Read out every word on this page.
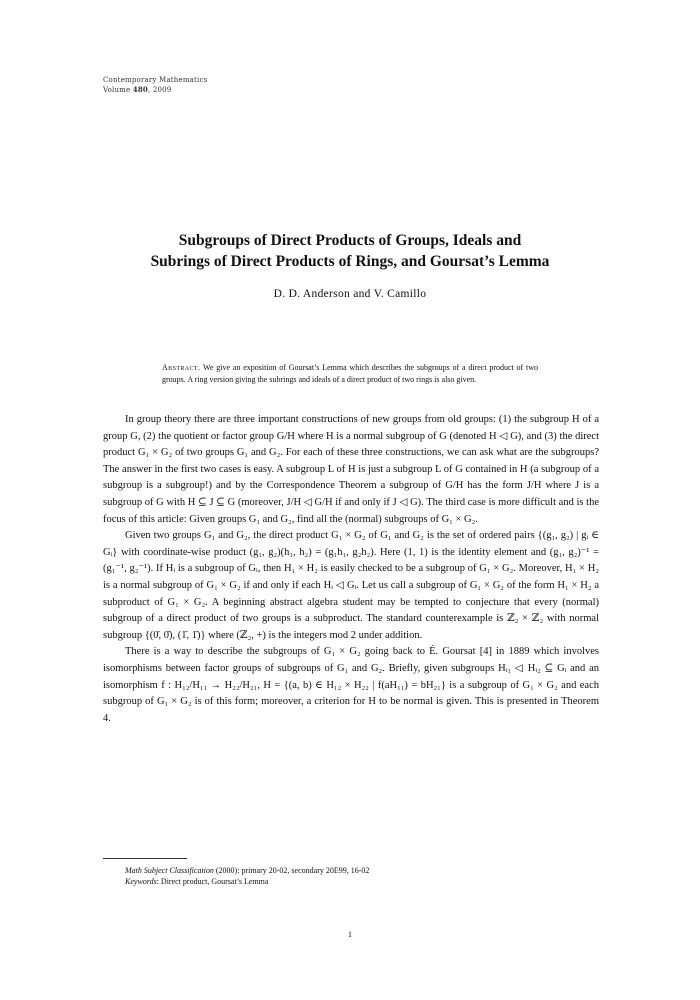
Contemporary Mathematics
Volume 480, 2009
Subgroups of Direct Products of Groups, Ideals and
Subrings of Direct Products of Rings, and Goursat’s Lemma
D. D. Anderson and V. Camillo
Abstract. We give an exposition of Goursat’s Lemma which describes the subgroups of a direct product of two groups. A ring version giving the subrings and ideals of a direct product of two rings is also given.

In group theory there are three important constructions of new groups from old groups: (1) the subgroup H of a group G, (2) the quotient or factor group G/H where H is a normal subgroup of G (denoted H ◁ G), and (3) the direct product G₁ × G₂ of two groups G₁ and G₂. For each of these three constructions, we can ask what are the subgroups? The answer in the first two cases is easy. A subgroup L of H is just a subgroup L of G contained in H (a subgroup of a subgroup is a subgroup!) and by the Correspondence Theorem a subgroup of G/H has the form J/H where J is a subgroup of G with H ⊆ J ⊆ G (moreover, J/H ◁ G/H if and only if J ◁ G). The third case is more difficult and is the focus of this article: Given groups G₁ and G₂, find all the (normal) subgroups of G₁ × G₂.

Given two groups G₁ and G₂, the direct product G₁ × G₂ of G₁ and G₂ is the set of ordered pairs {(g₁, g₂) | gᵢ ∈ Gᵢ} with coordinate-wise product (g₁, g₂)(h₁, h₂) = (g₁h₁, g₂h₂). Here (1, 1) is the identity element and (g₁, g₂)⁻¹ = (g₁⁻¹, g₂⁻¹). If Hᵢ is a subgroup of Gᵢ, then H₁ × H₂ is easily checked to be a subgroup of G₁ × G₂. Moreover, H₁ × H₂ is a normal subgroup of G₁ × G₂ if and only if each Hᵢ ◁ Gᵢ. Let us call a subgroup of G₁ × G₂ of the form H₁ × H₂ a subproduct of G₁ × G₂. A beginning abstract algebra student may be tempted to conjecture that every (normal) subgroup of a direct product of two groups is a subproduct. The standard counterexample is ℤ₂ × ℤ₂ with normal subgroup {(0̄, 0̄), (1̄, 1̄)} where (ℤ₂, +) is the integers mod 2 under addition.

There is a way to describe the subgroups of G₁ × G₂ going back to É. Goursat [4] in 1889 which involves isomorphisms between factor groups of subgroups of G₁ and G₂. Briefly, given subgroups Hᵢ₁ ◁ Hᵢ₂ ⊆ Gᵢ and an isomorphism f : H₁₂/H₁₁ → H₂₂/H₂₁, H = {(a, b) ∈ H₁₂ × H₂₂ | f(aH₁₁) = bH₂₁} is a subgroup of G₁ × G₂ and each subgroup of G₁ × G₂ is of this form; moreover, a criterion for H to be normal is given. This is presented in Theorem 4.

Math Subject Classification (2000): primary 20-02, secondary 20E99, 16-02
Keywords: Direct product, Goursat’s Lemma
1
